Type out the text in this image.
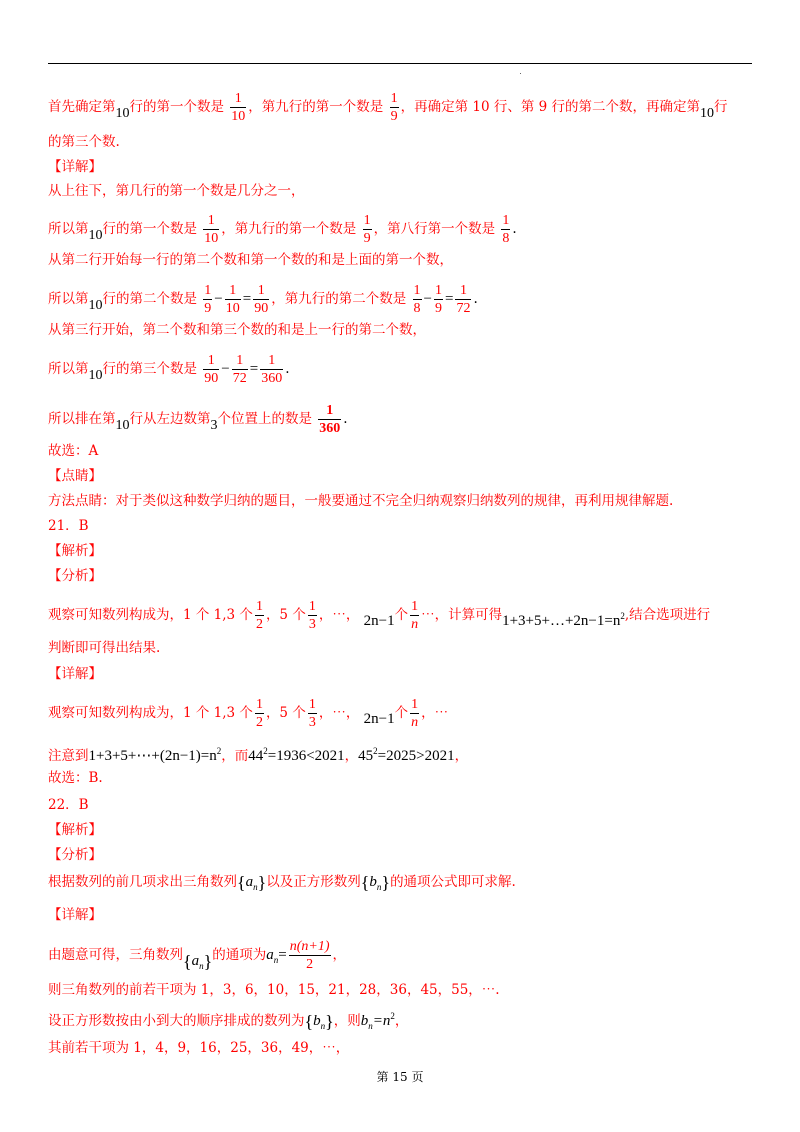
首先确定第10行的第一个数是 $\frac{1}{10}$ ，第九行的第一个数是 $\frac{1}{9}$ ，再确定第 10 行、第 9 行的第二个数，再确定第10行
的第三个数.
【详解】
从上往下，第几行的第一个数是几分之一，
所以第10行的第一个数是 $\frac{1}{10}$ ，第九行的第一个数是 $\frac{1}{9}$ ，第八行第一个数是 $\frac{1}{8}$ .
从第二行开始每一行的第二个数和第一个数的和是上面的第一个数，
所以第10行的第二个数是 $\frac{1}{9} - \frac{1}{10} = \frac{1}{90}$ ，第九行的第二个数是 $\frac{1}{8} - \frac{1}{9} = \frac{1}{72}$ .
从第三行开始，第二个数和第三个数的和是上一行的第二个数，
所以第10行的第三个数是 $\frac{1}{90} - \frac{1}{72} = \frac{1}{360}$ .
所以排在第10行从左边数第3个位置上的数是 $\frac{1}{360}$ .
故选：A
【点睛】
方法点睛：对于类似这种数学归纳的题目，一般要通过不完全归纳观察归纳数列的规律，再利用规律解题.
21．B
【解析】
【分析】
观察可知数列构成为，1 个 1,3 个 $\frac{1}{2}$ ，5 个 $\frac{1}{3}$ ，⋯， 2n−1个 $\frac{1}{n}$ ⋯，计算可得$1+3+5+\dots+2n-1=n^2$,结合选项进行
判断即可得出结果.
【详解】
观察可知数列构成为，1 个 1,3 个 $\frac{1}{2}$ ，5 个 $\frac{1}{3}$ ，⋯， 2n−1个 $\frac{1}{n}$ ，⋯
注意到$1+3+5+\cdots+(2n-1)=n^2$，而$44^2=1936<2021$，$45^2=2025>2021$，
故选：B.
22．B
【解析】
【分析】
根据数列的前几项求出三角数列$\{a_n\}$以及正方形数列$\{b_n\}$的通项公式即可求解.
【详解】
由题意可得，三角数列$\{a_n\}$的通项为$a_n= \frac{n(n+1)}{2}$ ，
则三角数列的前若干项为 1，3，6，10，15，21，28，36，45，55，⋯.
设正方形数按由小到大的顺序排成的数列为$\{b_n\}$，则$b_n=n^2$，
其前若干项为 1，4，9，16，25，36，49，⋯，
第 15 页
